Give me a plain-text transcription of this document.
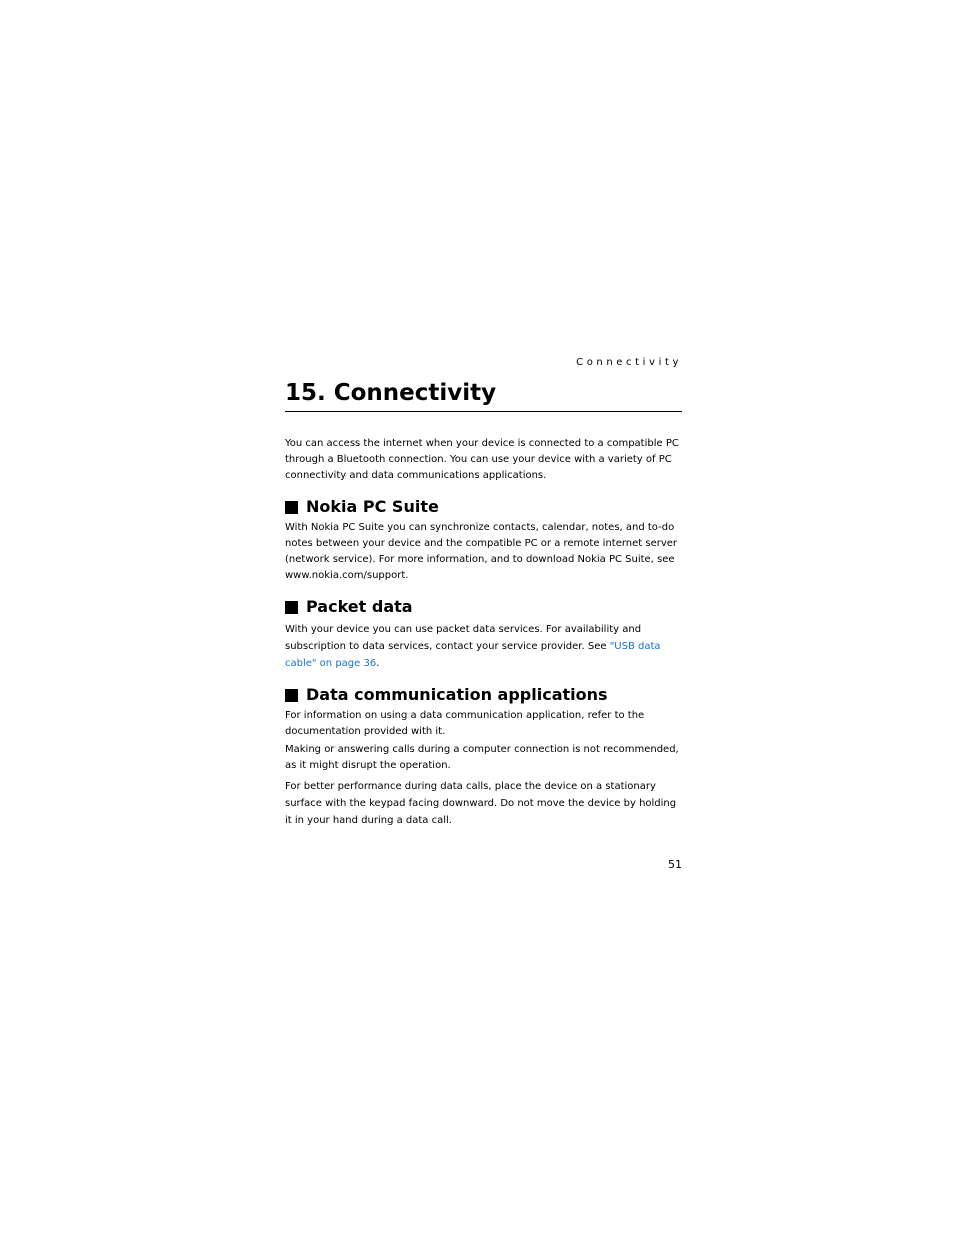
Connectivity
15. Connectivity

You can access the internet when your device is connected to a compatible PC through a Bluetooth connection. You can use your device with a variety of PC connectivity and data communications applications.

Nokia PC Suite

With Nokia PC Suite you can synchronize contacts, calendar, notes, and to-do notes between your device and the compatible PC or a remote internet server (network service). For more information, and to download Nokia PC Suite, see www.nokia.com/support.

Packet data

With your device you can use packet data services. For availability and subscription to data services, contact your service provider. See "USB data cable" on page 36.

Data communication applications

For information on using a data communication application, refer to the documentation provided with it.

Making or answering calls during a computer connection is not recommended, as it might disrupt the operation.

For better performance during data calls, place the device on a stationary surface with the keypad facing downward. Do not move the device by holding it in your hand during a data call.

51
